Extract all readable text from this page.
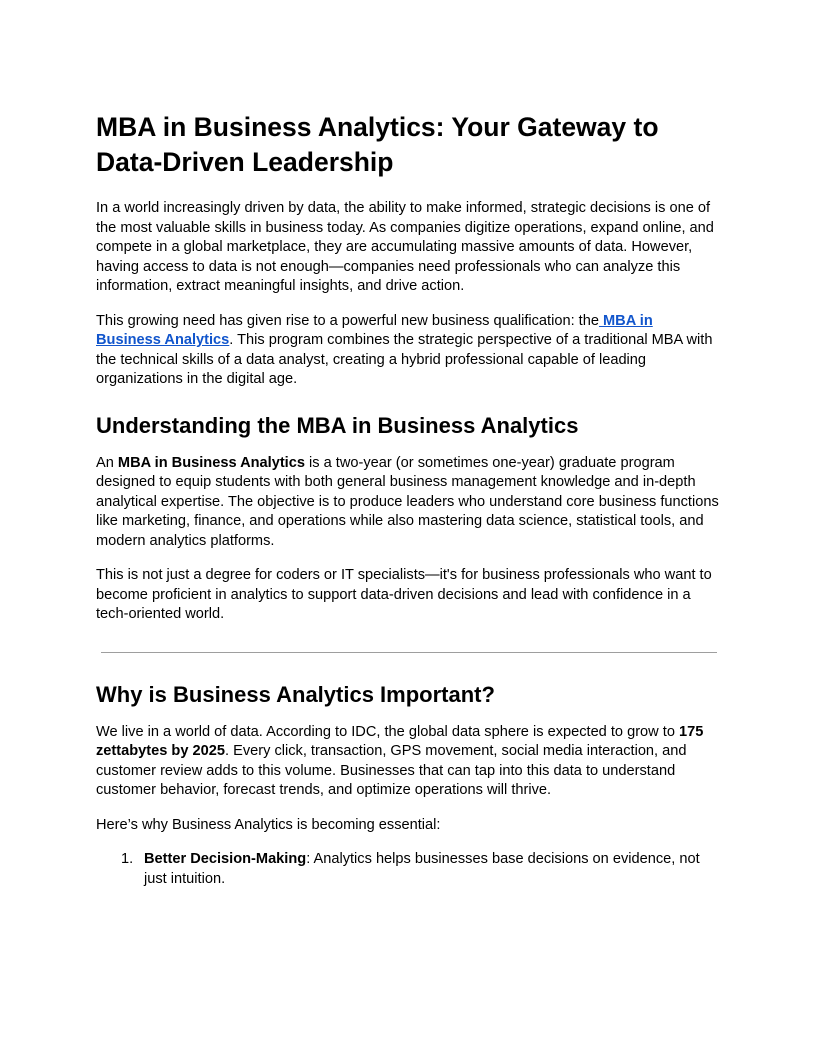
MBA in Business Analytics: Your Gateway to Data-Driven Leadership

In a world increasingly driven by data, the ability to make informed, strategic decisions is one of the most valuable skills in business today. As companies digitize operations, expand online, and compete in a global marketplace, they are accumulating massive amounts of data. However, having access to data is not enough—companies need professionals who can analyze this information, extract meaningful insights, and drive action.

This growing need has given rise to a powerful new business qualification: the MBA in Business Analytics. This program combines the strategic perspective of a traditional MBA with the technical skills of a data analyst, creating a hybrid professional capable of leading organizations in the digital age.

Understanding the MBA in Business Analytics

An MBA in Business Analytics is a two-year (or sometimes one-year) graduate program designed to equip students with both general business management knowledge and in-depth analytical expertise. The objective is to produce leaders who understand core business functions like marketing, finance, and operations while also mastering data science, statistical tools, and modern analytics platforms.

This is not just a degree for coders or IT specialists—it's for business professionals who want to become proficient in analytics to support data-driven decisions and lead with confidence in a tech-oriented world.

Why is Business Analytics Important?

We live in a world of data. According to IDC, the global data sphere is expected to grow to 175 zettabytes by 2025. Every click, transaction, GPS movement, social media interaction, and customer review adds to this volume. Businesses that can tap into this data to understand customer behavior, forecast trends, and optimize operations will thrive.

Here’s why Business Analytics is becoming essential:

1. Better Decision-Making: Analytics helps businesses base decisions on evidence, not just intuition.
